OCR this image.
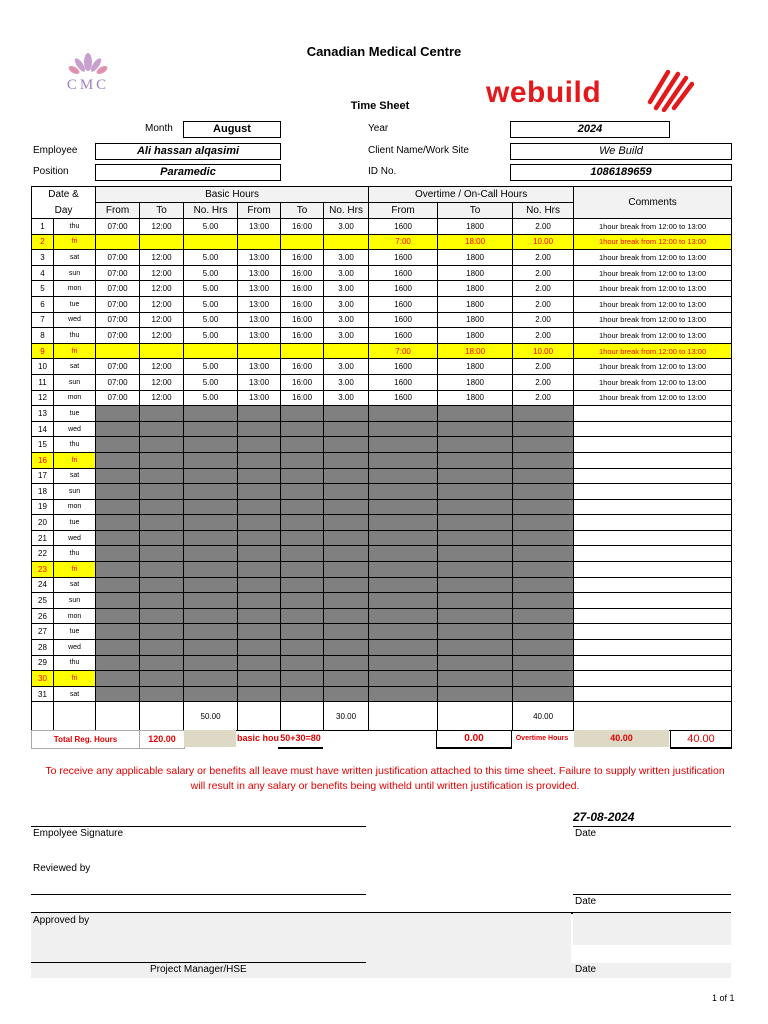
CMC	webuild
Canadian Medical Centre
Time Sheet
Month	August	Year	2024
Employee	Ali hassan alqasimi	Client Name/Work Site	We Build
Position	Paramedic	ID No.	1086189659
Date &		Basic Hours						Overtime / On-Call Hours			Comments
Day		From	To	No. Hrs	From	To	No. Hrs	From	To	No. Hrs	
1	thu	07:00	12:00	5.00	13:00	16:00	3.00	1600	1800	2.00	1hour break from 12:00 to 13:00
2	fri							7:00	18:00	10.00	1hour break from 12:00 to 13:00
3	sat	07:00	12:00	5.00	13:00	16:00	3.00	1600	1800	2.00	1hour break from 12:00 to 13:00
4	sun	07:00	12:00	5.00	13:00	16:00	3.00	1600	1800	2.00	1hour break from 12:00 to 13:00
5	mon	07:00	12:00	5.00	13:00	16:00	3.00	1600	1800	2.00	1hour break from 12:00 to 13:00
6	tue	07:00	12:00	5.00	13:00	16:00	3.00	1600	1800	2.00	1hour break from 12:00 to 13:00
7	wed	07:00	12:00	5.00	13:00	16:00	3.00	1600	1800	2.00	1hour break from 12:00 to 13:00
8	thu	07:00	12:00	5.00	13:00	16:00	3.00	1600	1800	2.00	1hour break from 12:00 to 13:00
9	fri							7:00	18:00	10.00	1hour break from 12:00 to 13:00
10	sat	07:00	12:00	5.00	13:00	16:00	3.00	1600	1800	2.00	1hour break from 12:00 to 13:00
11	sun	07:00	12:00	5.00	13:00	16:00	3.00	1600	1800	2.00	1hour break from 12:00 to 13:00
12	mon	07:00	12:00	5.00	13:00	16:00	3.00	1600	1800	2.00	1hour break from 12:00 to 13:00
13	tue										
14	wed										
15	thu										
16	fri										
17	sat										
18	sun										
19	mon										
20	tue										
21	wed										
22	thu										
23	fri										
24	sat										
25	sun										
26	mon										
27	tue										
28	wed										
29	thu										
30	fri										
31	sat										
				50.00			30.00			40.00	
Total Reg. Hours	120.00	basic hou 50+30=80	0.00	Overtime Hours	40.00	40.00
To receive any applicable salary or benefits all leave must have written justification attached to this time sheet. Failure to supply written justification will result in any salary or benefits being witheld until written justification is provided.
27-08-2024
Empolyee Signature	Date
Reviewed by
Date
Approved by
Project Manager/HSE	Date
1 of 1
